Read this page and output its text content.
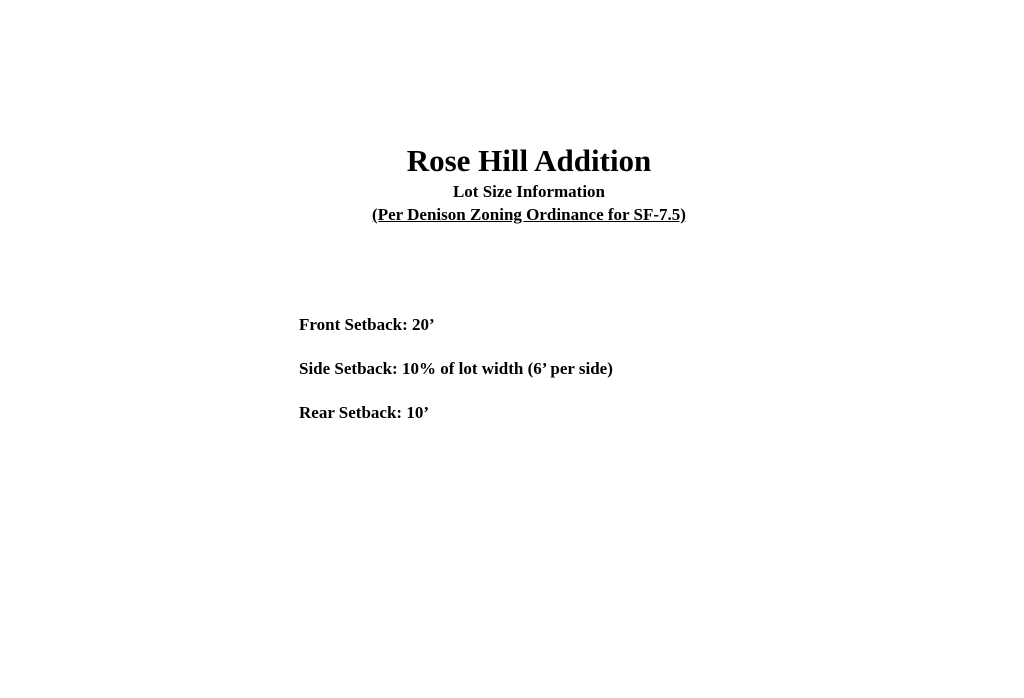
Rose Hill Addition
Lot Size Information
(Per Denison Zoning Ordinance for SF-7.5)
Front Setback: 20’
Side Setback: 10% of lot width (6’ per side)
Rear Setback: 10’
